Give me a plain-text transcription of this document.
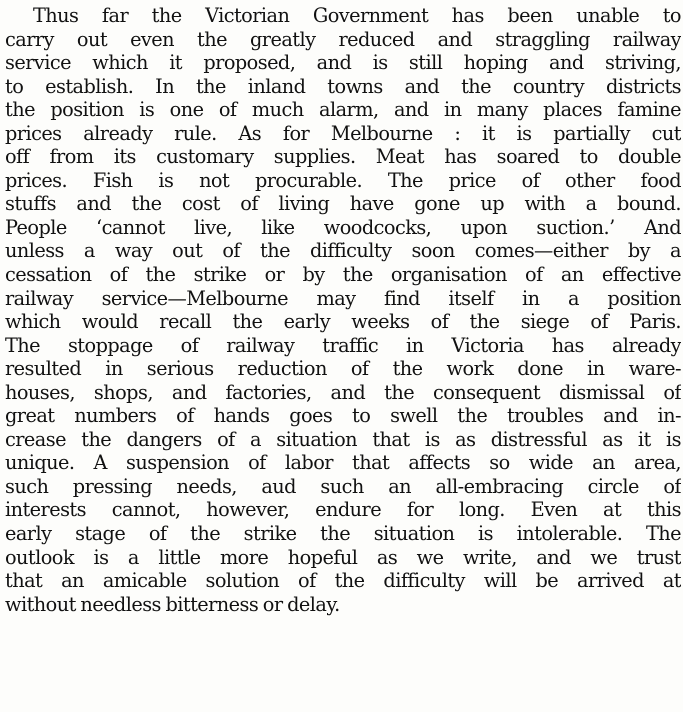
Thus far the Victorian Government has been unable to
carry out even the greatly reduced and straggling railway
service which it proposed, and is still hoping and striving,
to establish. In the inland towns and the country districts
the position is one of much alarm, and in many places famine
prices already rule. As for Melbourne : it is partially cut
off from its customary supplies. Meat has soared to double
prices. Fish is not procurable. The price of other food
stuffs and the cost of living have gone up with a bound.
People ‘cannot live, like woodcocks, upon suction.’ And
unless a way out of the difficulty soon comes—either by a
cessation of the strike or by the organisation of an effective
railway service—Melbourne may find itself in a position
which would recall the early weeks of the siege of Paris.
The stoppage of railway traffic in Victoria has already
resulted in serious reduction of the work done in ware-
houses, shops, and factories, and the consequent dismissal of
great numbers of hands goes to swell the troubles and in-
crease the dangers of a situation that is as distressful as it is
unique. A suspension of labor that affects so wide an area,
such pressing needs, aud such an all-embracing circle of
interests cannot, however, endure for long. Even at this
early stage of the strike the situation is intolerable. The
outlook is a little more hopeful as we write, and we trust
that an amicable solution of the difficulty will be arrived at
without needless bitterness or delay.
